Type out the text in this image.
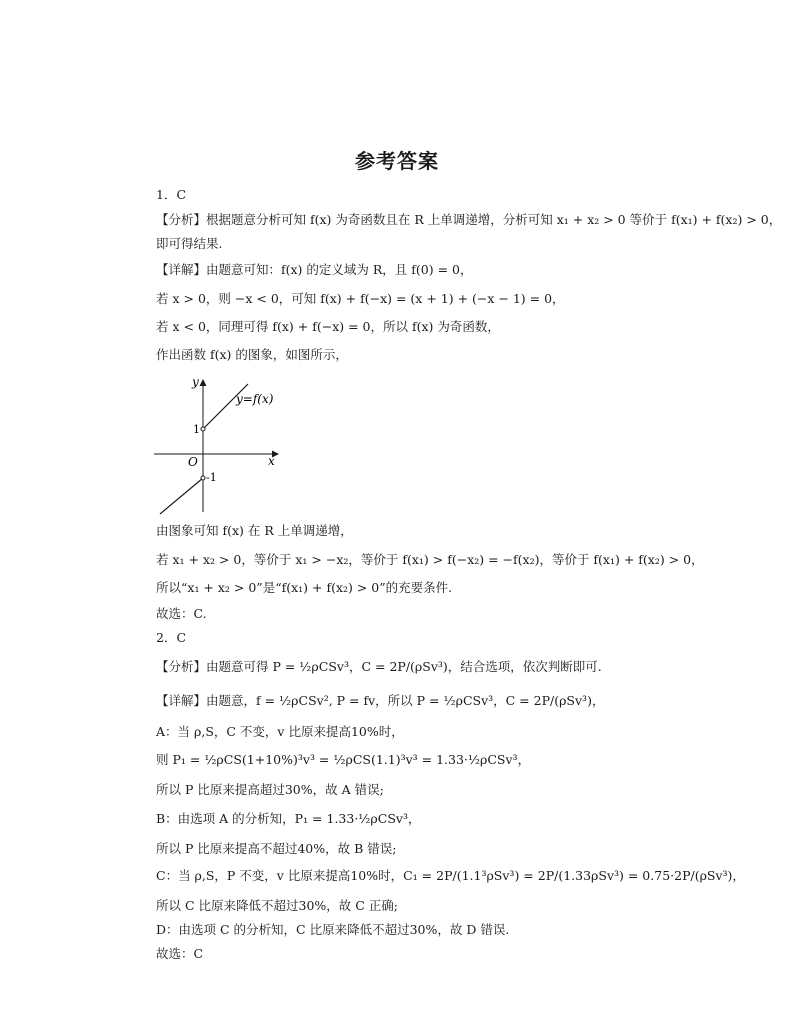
参考答案
1．C
【分析】根据题意分析可知 f(x) 为奇函数且在 R 上单调递增，分析可知 x₁ + x₂ > 0 等价于 f(x₁) + f(x₂) > 0，
即可得结果.
【详解】由题意可知：f(x) 的定义域为 R，且 f(0) = 0，
若 x > 0，则 −x < 0，可知 f(x) + f(−x) = (x + 1) + (−x − 1) = 0，
若 x < 0，同理可得 f(x) + f(−x) = 0，所以 f(x) 为奇函数，
作出函数 f(x) 的图象，如图所示，
y
x
O
y=f(x)
1
-1
由图象可知 f(x) 在 R 上单调递增，
若 x₁ + x₂ > 0，等价于 x₁ > −x₂，等价于 f(x₁) > f(−x₂) = −f(x₂)，等价于 f(x₁) + f(x₂) > 0，
所以“x₁ + x₂ > 0”是“f(x₁) + f(x₂) > 0”的充要条件.
故选：C.
2．C
【分析】由题意可得 P = ½ρCSv³，C = 2P/(ρSv³)，结合选项，依次判断即可.
【详解】由题意，f = ½ρCSv², P = fv，所以 P = ½ρCSv³，C = 2P/(ρSv³)，
A：当 ρ,S，C 不变，v 比原来提高10%时，
则 P₁ = ½ρCS(1+10%)³v³ = ½ρCS(1.1)³v³ = 1.33·½ρCSv³，
所以 P 比原来提高超过30%，故 A 错误;
B：由选项 A 的分析知，P₁ = 1.33·½ρCSv³，
所以 P 比原来提高不超过40%，故 B 错误;
C：当 ρ,S，P 不变，v 比原来提高10%时，C₁ = 2P/(1.1³ρSv³) = 2P/(1.33ρSv³) = 0.75·2P/(ρSv³)，
所以 C 比原来降低不超过30%，故 C 正确;
D：由选项 C 的分析知，C 比原来降低不超过30%，故 D 错误.
故选：C
